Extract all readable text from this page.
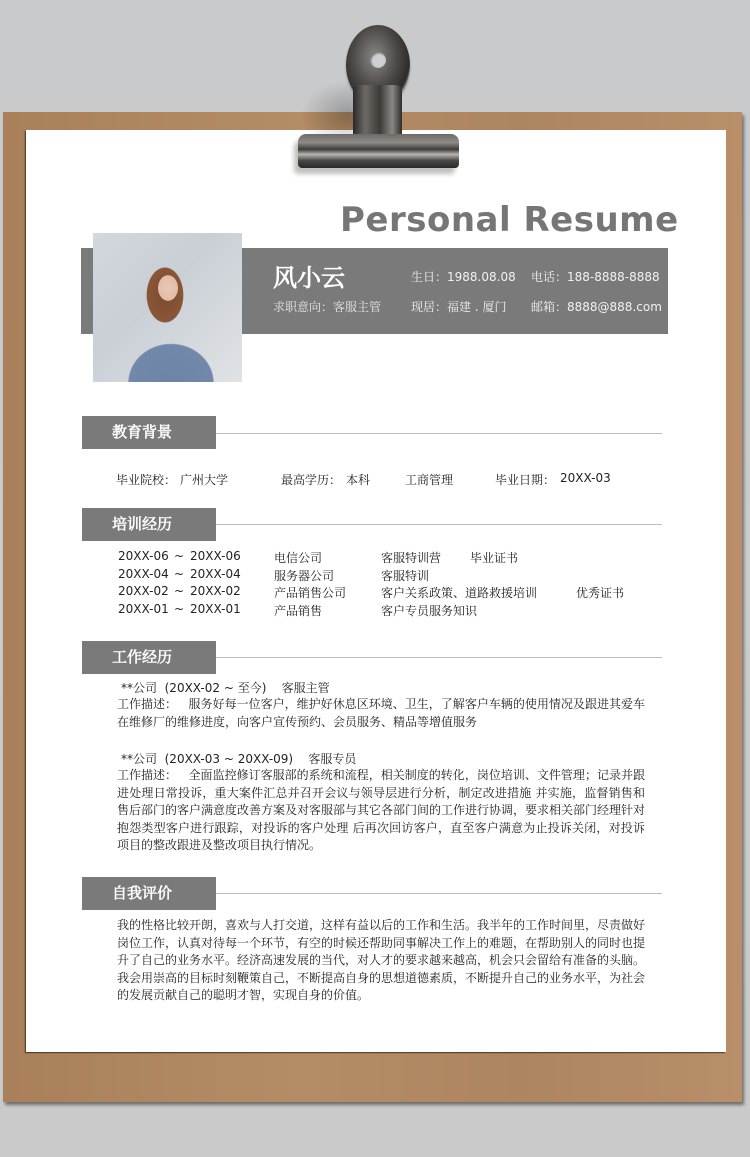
Personal Resume
风小云
求职意向：客服主管
生日：1988.08.08 电话：188-8888-8888
现居：福建 . 厦门 邮箱：8888@888.com
教育背景
毕业院校： 广州大学	最高学历： 本科	工商管理	毕业日期： 20XX-03
培训经历
20XX-06 ~ 20XX-06	电信公司	客服特训营 毕业证书
20XX-04 ~ 20XX-04	服务器公司	客服特训
20XX-02 ~ 20XX-02	产品销售公司	客户关系政策、道路救援培训	优秀证书
20XX-01 ~ 20XX-01	产品销售	客户专员服务知识
工作经历
**公司  (20XX-02 ~ 至今)    客服主管
工作描述：   服务好每一位客户，维护好休息区环境、卫生，了解客户车辆的使用情况及跟进其爱车在维修厂的维修进度，向客户宣传预约、会员服务、精品等增值服务
**公司  (20XX-03 ~ 20XX-09)    客服专员
工作描述：   全面监控修订客服部的系统和流程，相关制度的转化，岗位培训、文件管理；记录并跟进处理日常投诉，重大案件汇总并召开会议与领导层进行分析，制定改进措施 并实施，监督销售和售后部门的客户满意度改善方案及对客服部与其它各部门间的工作进行协调，要求相关部门经理针对抱怨类型客户进行跟踪，对投诉的客户处理 后再次回访客户，直至客户满意为止投诉关闭，对投诉项目的整改跟进及整改项目执行情况。
自我评价
我的性格比较开朗，喜欢与人打交道，这样有益以后的工作和生活。我半年的工作时间里，尽责做好岗位工作，认真对待每一个环节，有空的时候还帮助同事解决工作上的难题，在帮助别人的同时也提升了自己的业务水平。经济高速发展的当代，对人才的要求越来越高，机会只会留给有准备的头脑。我会用崇高的目标时刻鞭策自己，不断提高自身的思想道德素质，不断提升自己的业务水平，为社会的发展贡献自己的聪明才智，实现自身的价值。
